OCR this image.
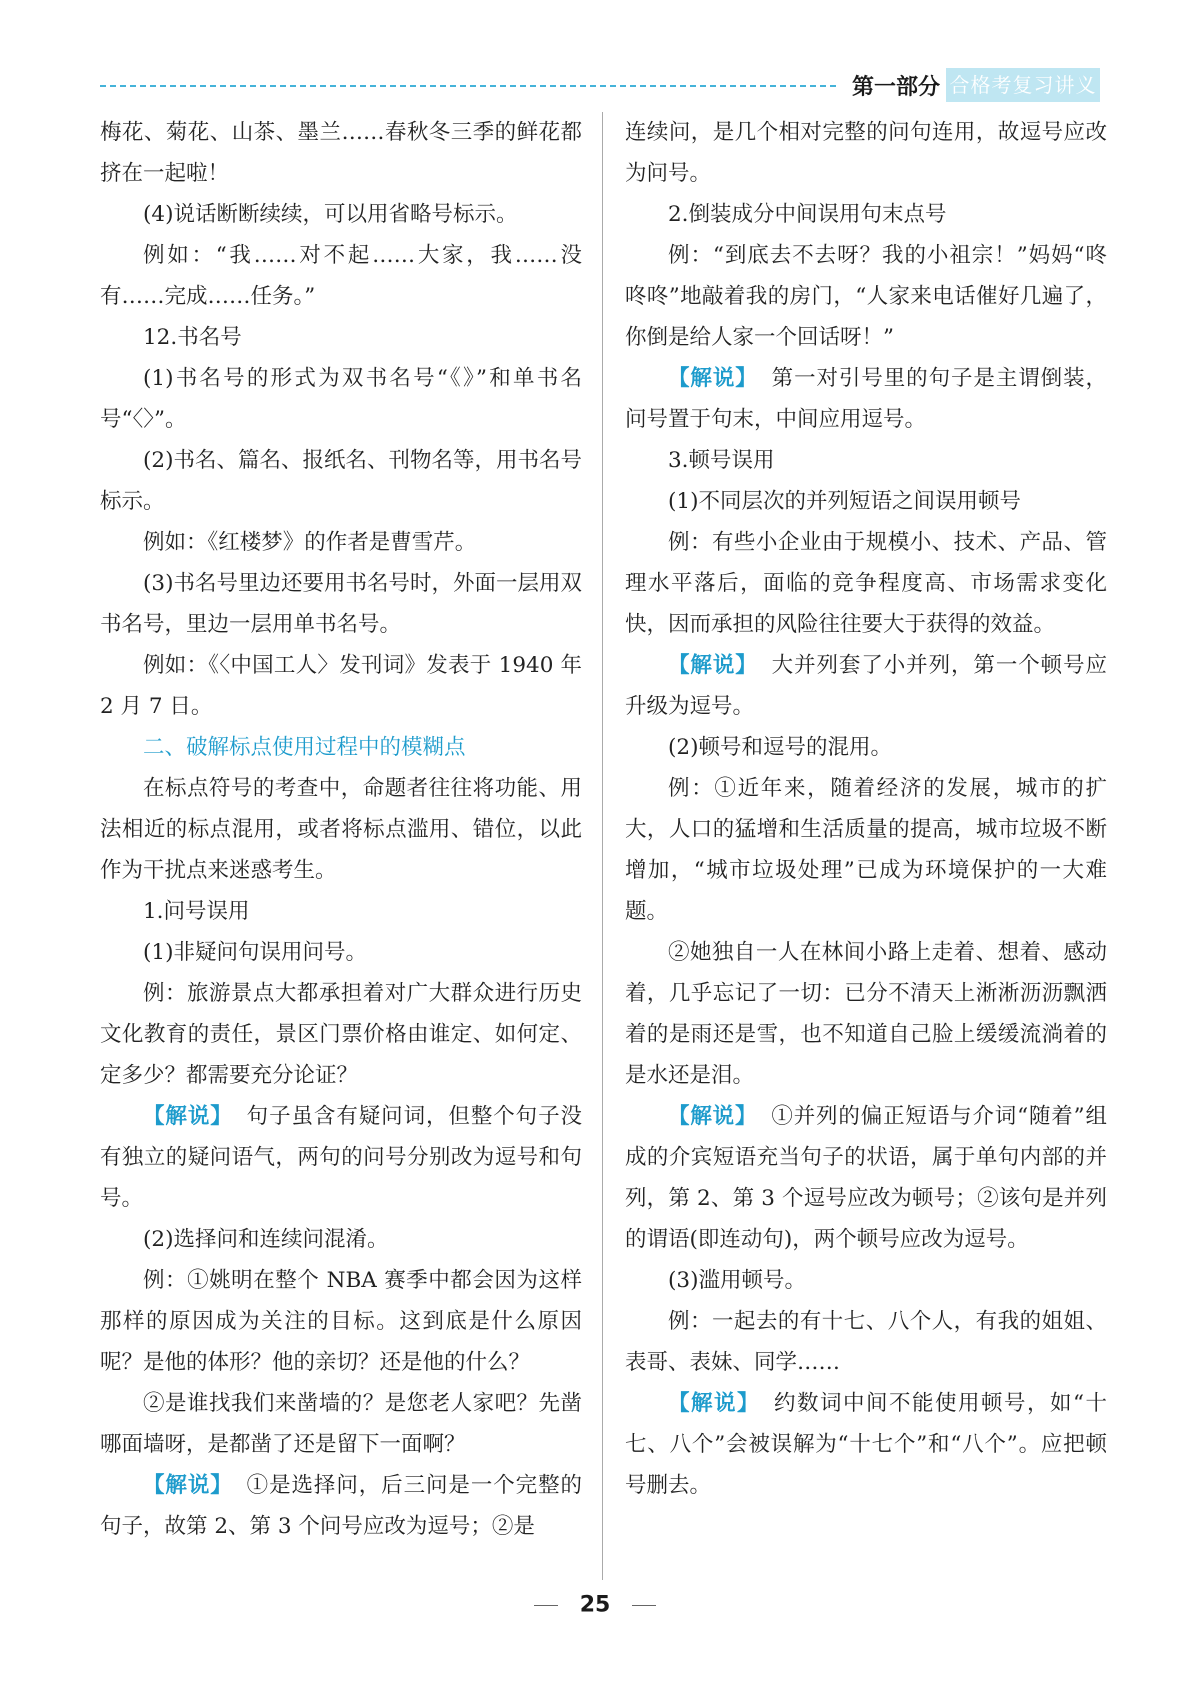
第一部分 合格考复习讲义

梅花、菊花、山茶、墨兰……春秋冬三季的鲜花都挤在一起啦！

(4)说话断断续续，可以用省略号标示。

例如：“我……对不起……大家，我……没有……完成……任务。”

12.书名号

(1)书名号的形式为双书名号“《》”和单书名号“〈〉”。

(2)书名、篇名、报纸名、刊物名等，用书名号标示。

例如：《红楼梦》的作者是曹雪芹。

(3)书名号里边还要用书名号时，外面一层用双书名号，里边一层用单书名号。

例如：《〈中国工人〉发刊词》发表于 1940 年 2 月 7 日。

二、破解标点使用过程中的模糊点

在标点符号的考查中，命题者往往将功能、用法相近的标点混用，或者将标点滥用、错位，以此作为干扰点来迷惑考生。

1.问号误用

(1)非疑问句误用问号。

例：旅游景点大都承担着对广大群众进行历史文化教育的责任，景区门票价格由谁定、如何定、定多少？都需要充分论证？

【解说】 句子虽含有疑问词，但整个句子没有独立的疑问语气，两句的问号分别改为逗号和句号。

(2)选择问和连续问混淆。

例：①姚明在整个 NBA 赛季中都会因为这样那样的原因成为关注的目标。这到底是什么原因呢？是他的体形？他的亲切？还是他的什么？

②是谁找我们来凿墙的？是您老人家吧？先凿哪面墙呀，是都凿了还是留下一面啊？

【解说】 ①是选择问，后三问是一个完整的句子，故第 2、第 3 个问号应改为逗号；②是

连续问，是几个相对完整的问句连用，故逗号应改为问号。

2.倒装成分中间误用句末点号

例：“到底去不去呀？我的小祖宗！”妈妈“咚咚咚”地敲着我的房门，“人家来电话催好几遍了，你倒是给人家一个回话呀！”

【解说】 第一对引号里的句子是主谓倒装，问号置于句末，中间应用逗号。

3.顿号误用

(1)不同层次的并列短语之间误用顿号

例：有些小企业由于规模小、技术、产品、管理水平落后，面临的竞争程度高、市场需求变化快，因而承担的风险往往要大于获得的效益。

【解说】 大并列套了小并列，第一个顿号应升级为逗号。

(2)顿号和逗号的混用。

例：①近年来，随着经济的发展，城市的扩大，人口的猛增和生活质量的提高，城市垃圾不断增加，“城市垃圾处理”已成为环境保护的一大难题。

②她独自一人在林间小路上走着、想着、感动着，几乎忘记了一切：已分不清天上淅淅沥沥飘洒着的是雨还是雪，也不知道自己脸上缓缓流淌着的是水还是泪。

【解说】 ①并列的偏正短语与介词“随着”组成的介宾短语充当句子的状语，属于单句内部的并列，第 2、第 3 个逗号应改为顿号；②该句是并列的谓语(即连动句)，两个顿号应改为逗号。

(3)滥用顿号。

例：一起去的有十七、八个人，有我的姐姐、表哥、表妹、同学……

【解说】 约数词中间不能使用顿号，如“十七、八个”会被误解为“十七个”和“八个”。应把顿号删去。

25
